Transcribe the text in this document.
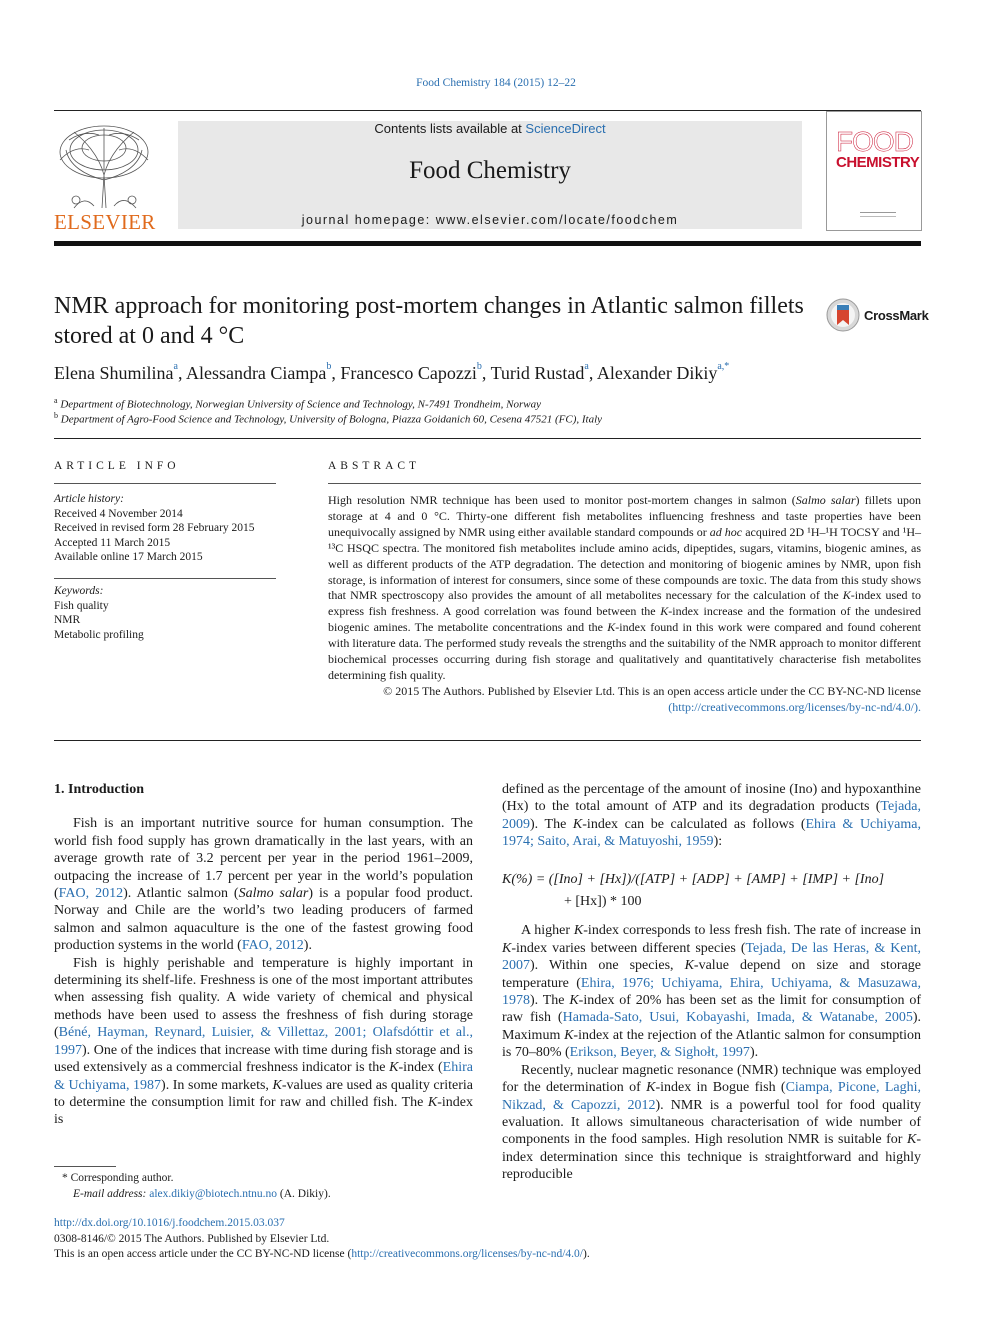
Food Chemistry 184 (2015) 12–22
ELSEVIER
Contents lists available at ScienceDirect
Food Chemistry
journal homepage: www.elsevier.com/locate/foodchem
FOOD
CHEMISTRY
NMR approach for monitoring post-mortem changes in Atlantic salmon fillets stored at 0 and 4 °C
CrossMark
Elena Shumilina$^a$, Alessandra Ciampa$^b$, Francesco Capozzi$^b$, Turid Rustad$^a$, Alexander Dikiy$^{a,*}$
$^a$ Department of Biotechnology, Norwegian University of Science and Technology, N-7491 Trondheim, Norway
$^b$ Department of Agro-Food Science and Technology, University of Bologna, Piazza Goidanich 60, Cesena 47521 (FC), Italy
ARTICLE INFO
Article history:
Received 4 November 2014
Received in revised form 28 February 2015
Accepted 11 March 2015
Available online 17 March 2015
Keywords:
Fish quality
NMR
Metabolic profiling
ABSTRACT
High resolution NMR technique has been used to monitor post-mortem changes in salmon (Salmo salar) fillets upon storage at 4 and 0 °C. Thirty-one different fish metabolites influencing freshness and taste properties have been unequivocally assigned by NMR using either available standard compounds or ad hoc acquired 2D ¹H–¹H TOCSY and ¹H–¹³C HSQC spectra. The monitored fish metabolites include amino acids, dipeptides, sugars, vitamins, biogenic amines, as well as different products of the ATP degradation. The detection and monitoring of biogenic amines by NMR, upon fish storage, is information of interest for consumers, since some of these compounds are toxic. The data from this study shows that NMR spectroscopy also provides the amount of all metabolites necessary for the calculation of the K-index used to express fish freshness. A good correlation was found between the K-index increase and the formation of the undesired biogenic amines. The metabolite concentrations and the K-index found in this work were compared and found coherent with literature data. The performed study reveals the strengths and the suitability of the NMR approach to monitor different biochemical processes occurring during fish storage and qualitatively and quantitatively characterise fish metabolites determining fish quality.

© 2015 The Authors. Published by Elsevier Ltd. This is an open access article under the CC BY-NC-ND license
(http://creativecommons.org/licenses/by-nc-nd/4.0/).
1. Introduction

Fish is an important nutritive source for human consumption. The world fish food supply has grown dramatically in the last years, with an average growth rate of 3.2 percent per year in the period 1961–2009, outpacing the increase of 1.7 percent per year in the world’s population (FAO, 2012). Atlantic salmon (Salmo salar) is a popular food product. Norway and Chile are the world’s two leading producers of farmed salmon and salmon aquaculture is the one of the fastest growing food production systems in the world (FAO, 2012).

Fish is highly perishable and temperature is highly important in determining its shelf-life. Freshness is one of the most important attributes when assessing fish quality. A wide variety of chemical and physical methods have been used to assess the freshness of fish during storage (Béné, Hayman, Reynard, Luisier, & Villettaz, 2001; Olafsdóttir et al., 1997). One of the indices that increase with time during fish storage and is used extensively as a commercial freshness indicator is the K-index (Ehira & Uchiyama, 1987). In some markets, K-values are used as quality criteria to determine the consumption limit for raw and chilled fish. The K-index is

defined as the percentage of the amount of inosine (Ino) and hypoxanthine (Hx) to the total amount of ATP and its degradation products (Tejada, 2009). The K-index can be calculated as follows (Ehira & Uchiyama, 1974; Saito, Arai, & Matuyoshi, 1959):

K(%) = ([Ino] + [Hx])/([ATP] + [ADP] + [AMP] + [IMP] + [Ino]
+ [Hx]) * 100

A higher K-index corresponds to less fresh fish. The rate of increase in K-index varies between different species (Tejada, De las Heras, & Kent, 2007). Within one species, K-value depend on size and storage temperature (Ehira, 1976; Uchiyama, Ehira, Uchiyama, & Masuzawa, 1978). The K-index of 20% has been set as the limit for consumption of raw fish (Hamada-Sato, Usui, Kobayashi, Imada, & Watanabe, 2005). Maximum K-index at the rejection of the Atlantic salmon for consumption is 70–80% (Erikson, Beyer, & Sighołt, 1997).

Recently, nuclear magnetic resonance (NMR) technique was employed for the determination of K-index in Bogue fish (Ciampa, Picone, Laghi, Nikzad, & Capozzi, 2012). NMR is a powerful tool for food quality evaluation. It allows simultaneous characterisation of wide number of components in the food samples. High resolution NMR is suitable for K-index determination since this technique is straightforward and highly reproducible

* Corresponding author.
E-mail address: alex.dikiy@biotech.ntnu.no (A. Dikiy).
http://dx.doi.org/10.1016/j.foodchem.2015.03.037
0308-8146/© 2015 The Authors. Published by Elsevier Ltd.
This is an open access article under the CC BY-NC-ND license (http://creativecommons.org/licenses/by-nc-nd/4.0/).
